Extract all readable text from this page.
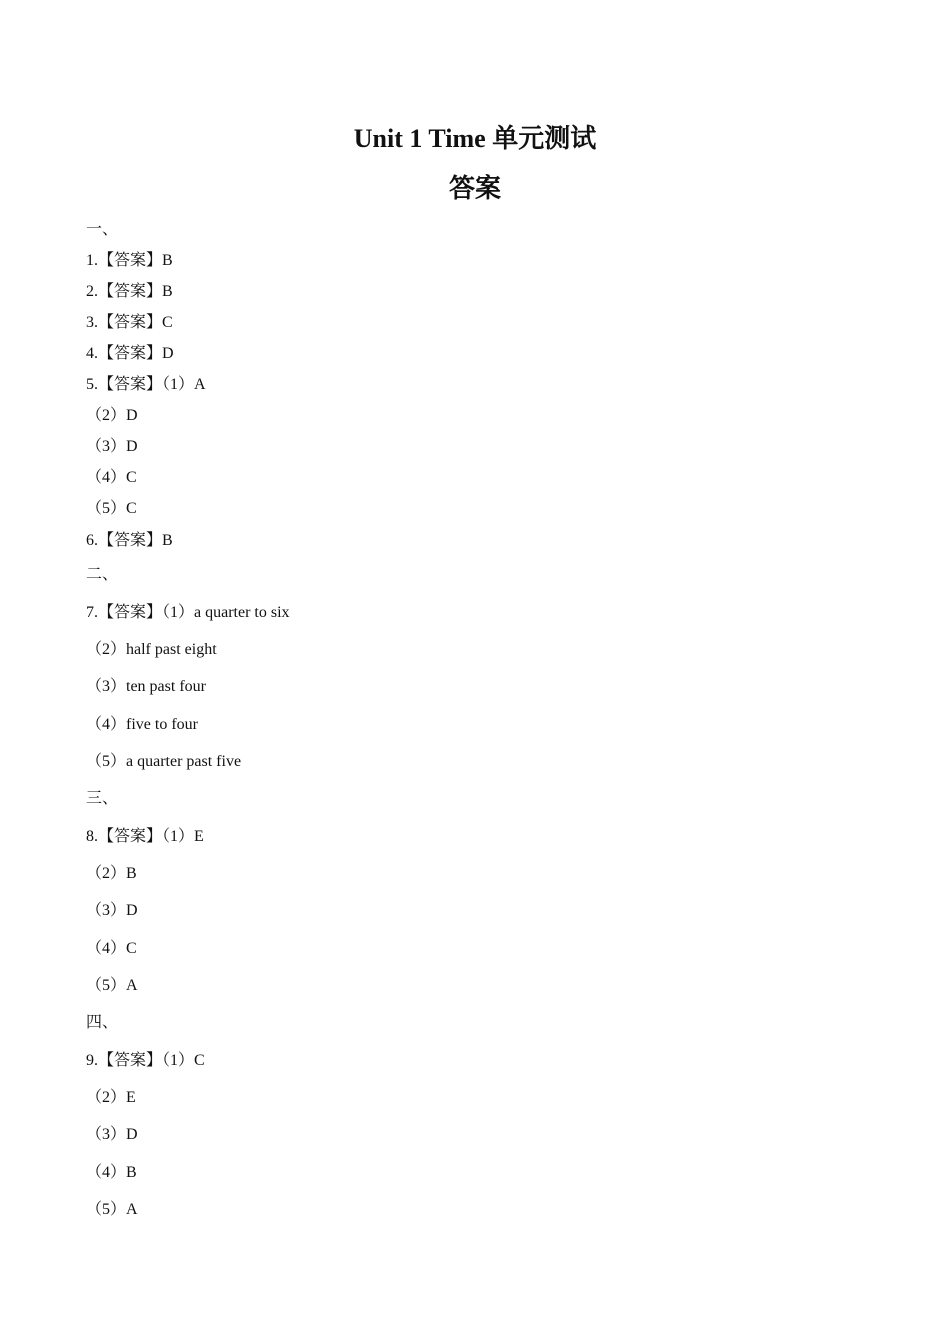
Unit 1 Time 单元测试
答案
一、
1.【答案】B
2.【答案】B
3.【答案】C
4.【答案】D
5.【答案】（1）A
（2）D
（3）D
（4）C
（5）C
6.【答案】B
二、
7.【答案】（1）a quarter to six
（2）half past eight
（3）ten past four
（4）five to four
（5）a quarter past five
三、
8.【答案】（1）E
（2）B
（3）D
（4）C
（5）A
四、
9.【答案】（1）C
（2）E
（3）D
（4）B
（5）A
